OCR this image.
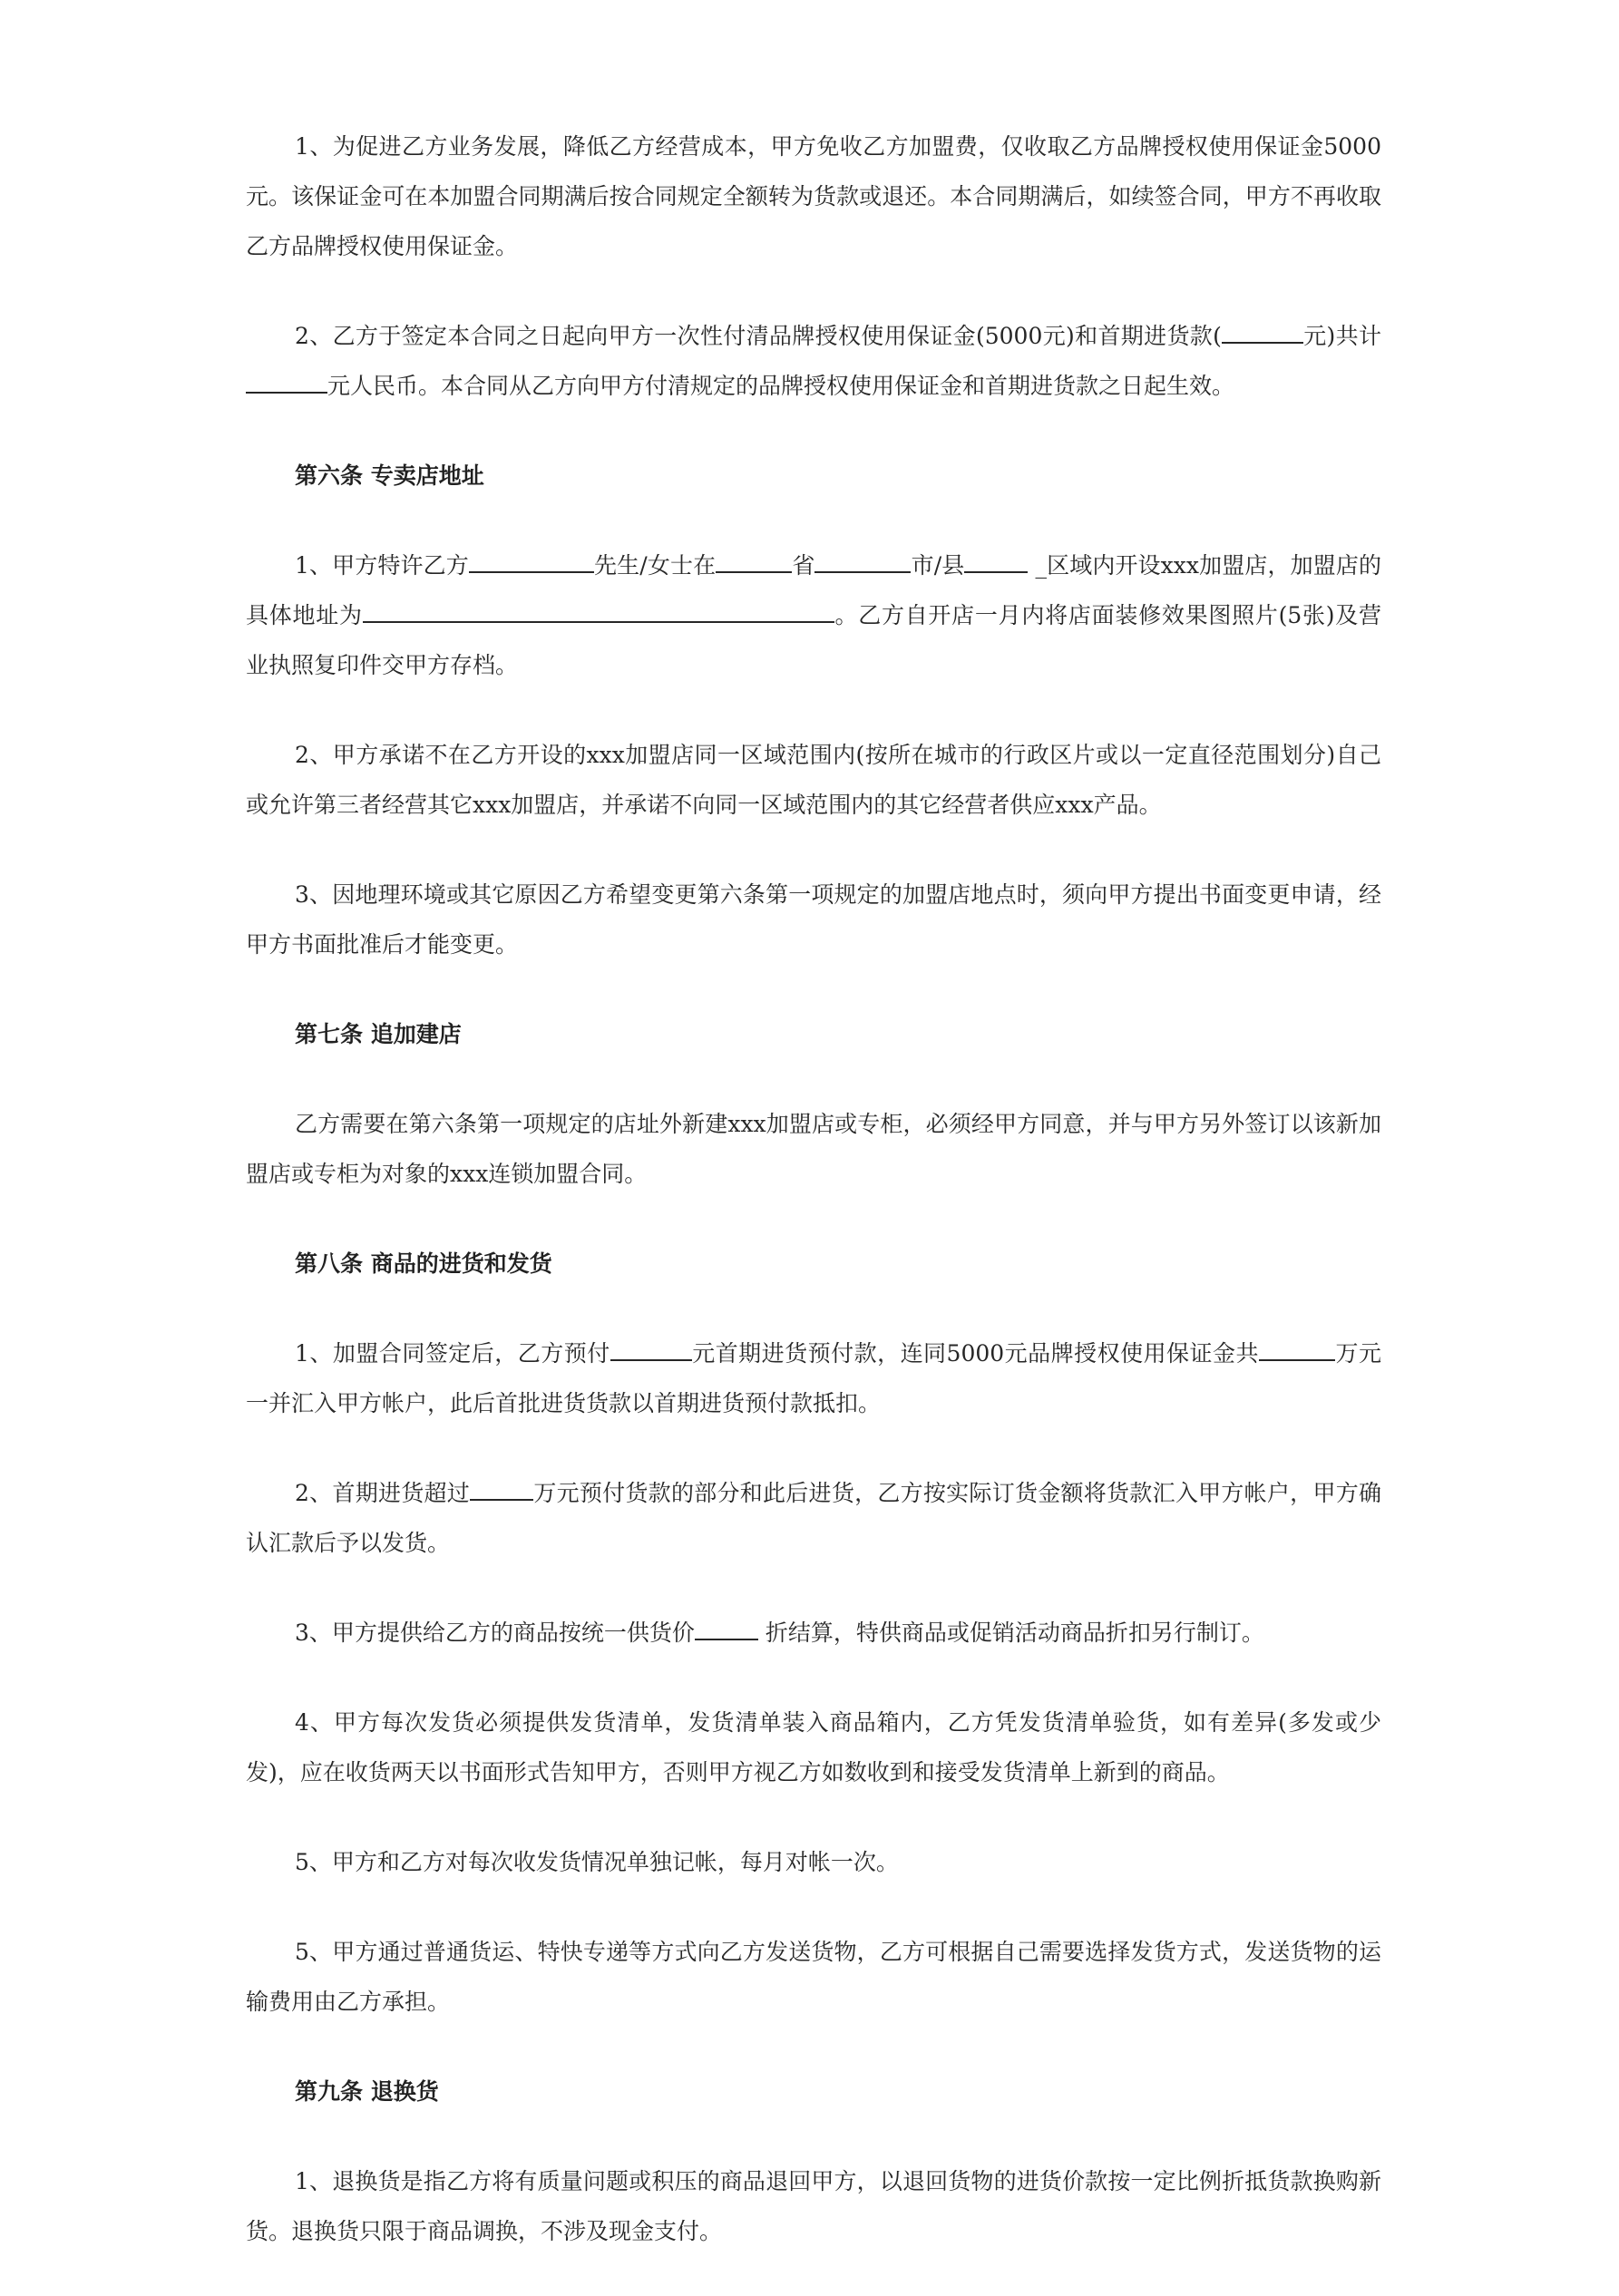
1、为促进乙方业务发展，降低乙方经营成本，甲方免收乙方加盟费，仅收取乙方品牌授权使用保证金5000元。该保证金可在本加盟合同期满后按合同规定全额转为货款或退还。本合同期满后，如续签合同，甲方不再收取乙方品牌授权使用保证金。

2、乙方于签定本合同之日起向甲方一次性付清品牌授权使用保证金(5000元)和首期进货款(	元)共计元人民币。本合同从乙方向甲方付清规定的品牌授权使用保证金和首期进货款之日起生效。

第六条 专卖店地址

1、甲方特许乙方	先生/女士在	省	市/县	_区域内开设xxx加盟店，加盟店的具体地址为	。乙方自开店一月内将店面装修效果图照片(5张)及营业执照复印件交甲方存档。

2、甲方承诺不在乙方开设的xxx加盟店同一区域范围内(按所在城市的行政区片或以一定直径范围划分)自己或允许第三者经营其它xxx加盟店，并承诺不向同一区域范围内的其它经营者供应xxx产品。

3、因地理环境或其它原因乙方希望变更第六条第一项规定的加盟店地点时，须向甲方提出书面变更申请，经甲方书面批准后才能变更。

第七条 追加建店

乙方需要在第六条第一项规定的店址外新建xxx加盟店或专柜，必须经甲方同意，并与甲方另外签订以该新加盟店或专柜为对象的xxx连锁加盟合同。

第八条 商品的进货和发货

1、加盟合同签定后，乙方预付	元首期进货预付款，连同5000元品牌授权使用保证金共	万元一并汇入甲方帐户，此后首批进货货款以首期进货预付款抵扣。

2、首期进货超过	万元预付货款的部分和此后进货，乙方按实际订货金额将货款汇入甲方帐户，甲方确认汇款后予以发货。

3、甲方提供给乙方的商品按统一供货价	折结算，特供商品或促销活动商品折扣另行制订。

4、甲方每次发货必须提供发货清单，发货清单装入商品箱内，乙方凭发货清单验货，如有差异(多发或少发)，应在收货两天以书面形式告知甲方，否则甲方视乙方如数收到和接受发货清单上新到的商品。

5、甲方和乙方对每次收发货情况单独记帐，每月对帐一次。

5、甲方通过普通货运、特快专递等方式向乙方发送货物，乙方可根据自己需要选择发货方式，发送货物的运输费用由乙方承担。

第九条 退换货

1、退换货是指乙方将有质量问题或积压的商品退回甲方，以退回货物的进货价款按一定比例折抵货款换购新货。退换货只限于商品调换，不涉及现金支付。
